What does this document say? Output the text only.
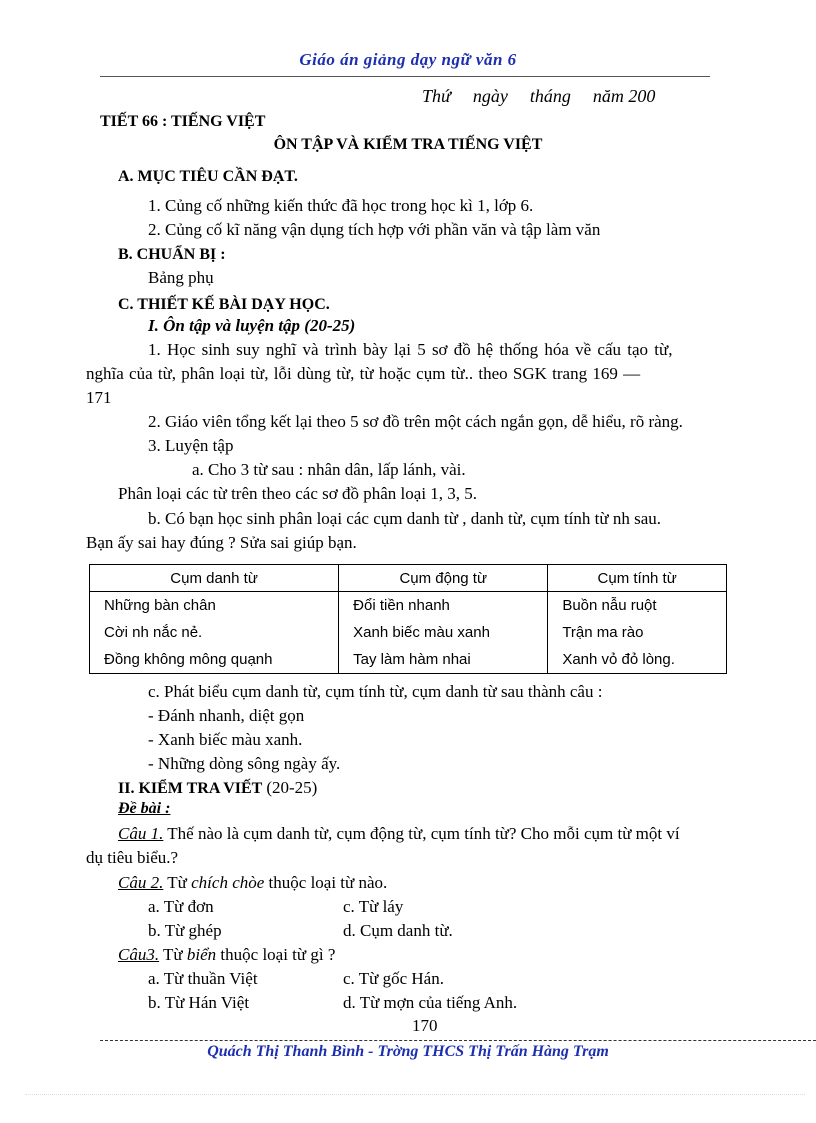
Giáo án giảng dạy ngữ văn 6
Thứ ngày tháng năm 200
TIẾT 66 : TIẾNG VIỆT
ÔN TẬP VÀ KIỂM TRA TIẾNG VIỆT
A. MỤC TIÊU CẦN ĐẠT.
1. Củng cố những kiến thức đã học trong học kì 1, lớp 6.
2. Củng cố kĩ năng vận dụng tích hợp với phần văn và tập làm văn
B. CHUẨN BỊ :
Bảng phụ
C. THIẾT KẾ BÀI DẠY HỌC.
I. Ôn tập và luyện tập (20-25)
1. Học sinh suy nghĩ và trình bày lại 5 sơ đồ hệ thống hóa về cấu tạo từ,
nghĩa của từ, phân loại từ, lỗi dùng từ, từ hoặc cụm từ.. theo SGK trang 169 —
171
2. Giáo viên tổng kết lại theo 5 sơ đồ trên một cách ngắn gọn, dễ hiểu, rõ ràng.
3. Luyện tập
a. Cho 3 từ sau : nhân dân, lấp lánh, vài.
Phân loại các từ trên theo các sơ đồ phân loại 1, 3, 5.
b. Có bạn học sinh phân loại các cụm danh từ , danh từ, cụm tính từ nh sau.
Bạn ấy sai hay đúng ? Sửa sai giúp bạn.
Cụm danh từ	Cụm động từ	Cụm tính từ
Những bàn chân	Đổi tiền nhanh	Buồn nẫu ruột
Cời nh nắc nẻ.	Xanh biếc màu xanh	Trận ma rào
Đồng không mông quạnh	Tay làm hàm nhai	Xanh vỏ đỏ lòng.
c. Phát biểu cụm danh từ, cụm tính từ, cụm danh từ sau thành câu :
- Đánh nhanh, diệt gọn
- Xanh biếc màu xanh.
- Những dòng sông ngày ấy.
II. KIỂM TRA VIẾT (20-25)
Đề bài :
Câu 1. Thế nào là cụm danh từ, cụm động từ, cụm tính từ? Cho mỗi cụm từ một ví
dụ tiêu biểu.?
Câu 2. Từ chích chòe thuộc loại từ nào.
a. Từ đơn	c. Từ láy
b. Từ ghép	d. Cụm danh từ.
Câu3. Từ biển thuộc loại từ gì ?
a. Từ thuần Việt	c. Từ gốc Hán.
b. Từ Hán Việt	d. Từ mợn của tiếng Anh.
170
Quách Thị Thanh Bình - Trờng THCS Thị Trấn Hàng Trạm
